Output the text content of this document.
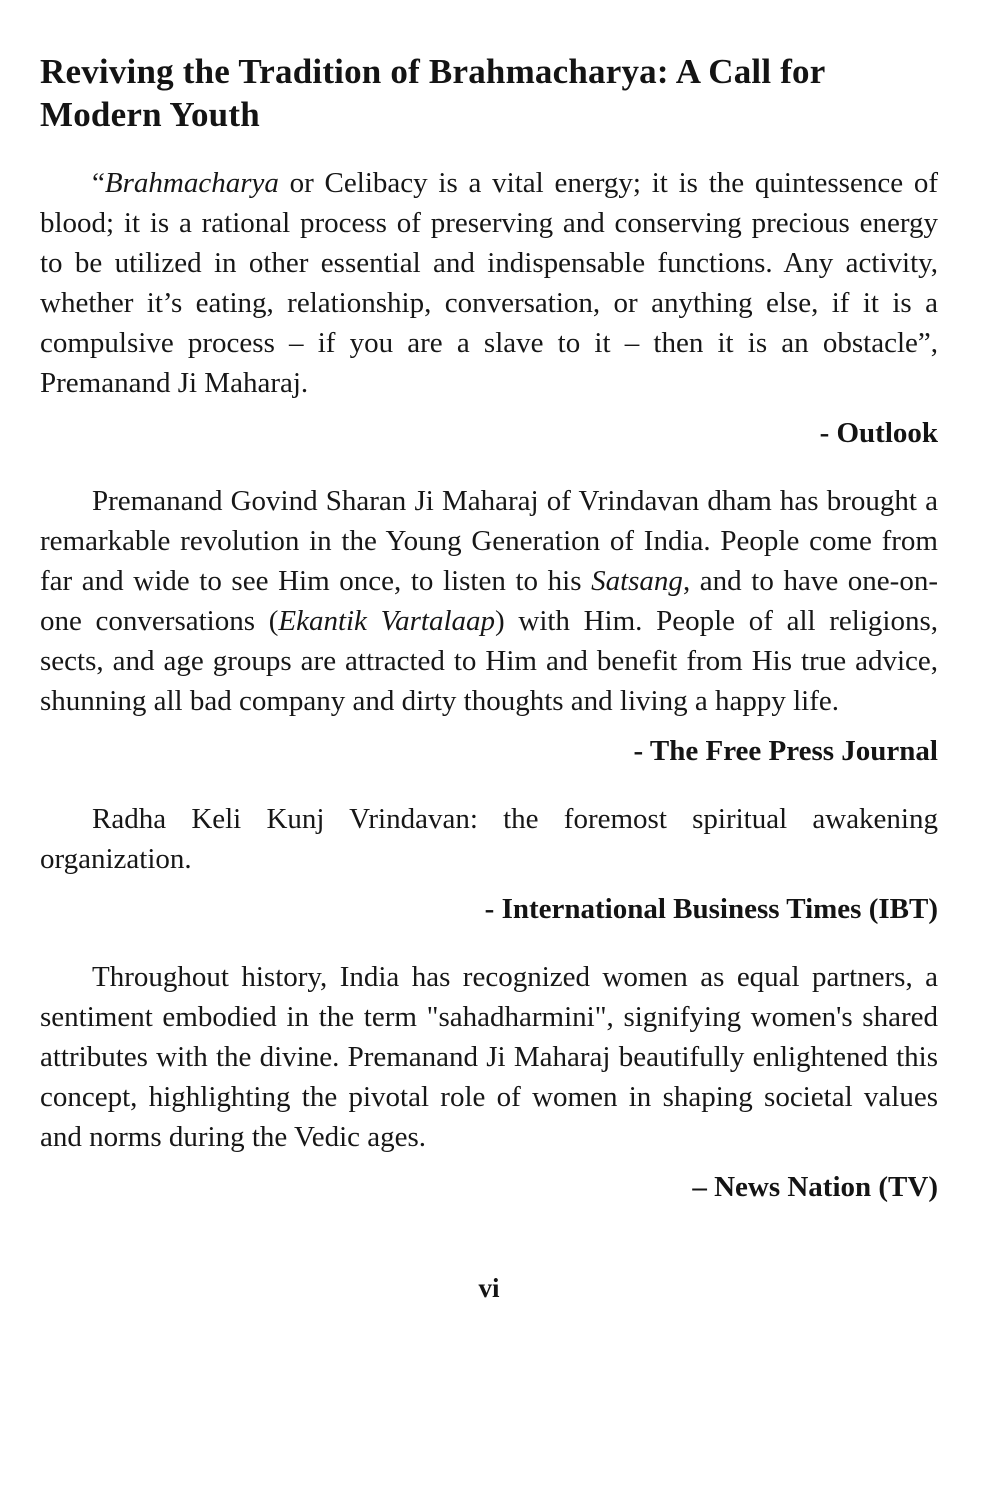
Reviving the Tradition of Brahmacharya: A Call for Modern Youth

“Brahmacharya or Celibacy is a vital energy; it is the quintessence of blood; it is a rational process of preserving and conserving precious energy to be utilized in other essential and indispensable functions. Any activity, whether it’s eating, relationship, conversation, or anything else, if it is a compulsive process – if you are a slave to it – then it is an obstacle”, Premanand Ji Maharaj.

- Outlook

Premanand Govind Sharan Ji Maharaj of Vrindavan dham has brought a remarkable revolution in the Young Generation of India. People come from far and wide to see Him once, to listen to his Satsang, and to have one-on-one conversations (Ekantik Vartalaap) with Him. People of all religions, sects, and age groups are attracted to Him and benefit from His true advice, shunning all bad company and dirty thoughts and living a happy life.

- The Free Press Journal

Radha Keli Kunj Vrindavan: the foremost spiritual awakening organization.

- International Business Times (IBT)

Throughout history, India has recognized women as equal partners, a sentiment embodied in the term "sahadharmini", signifying women's shared attributes with the divine. Premanand Ji Maharaj beautifully enlightened this concept, highlighting the pivotal role of women in shaping societal values and norms during the Vedic ages.

– News Nation (TV)

vi
